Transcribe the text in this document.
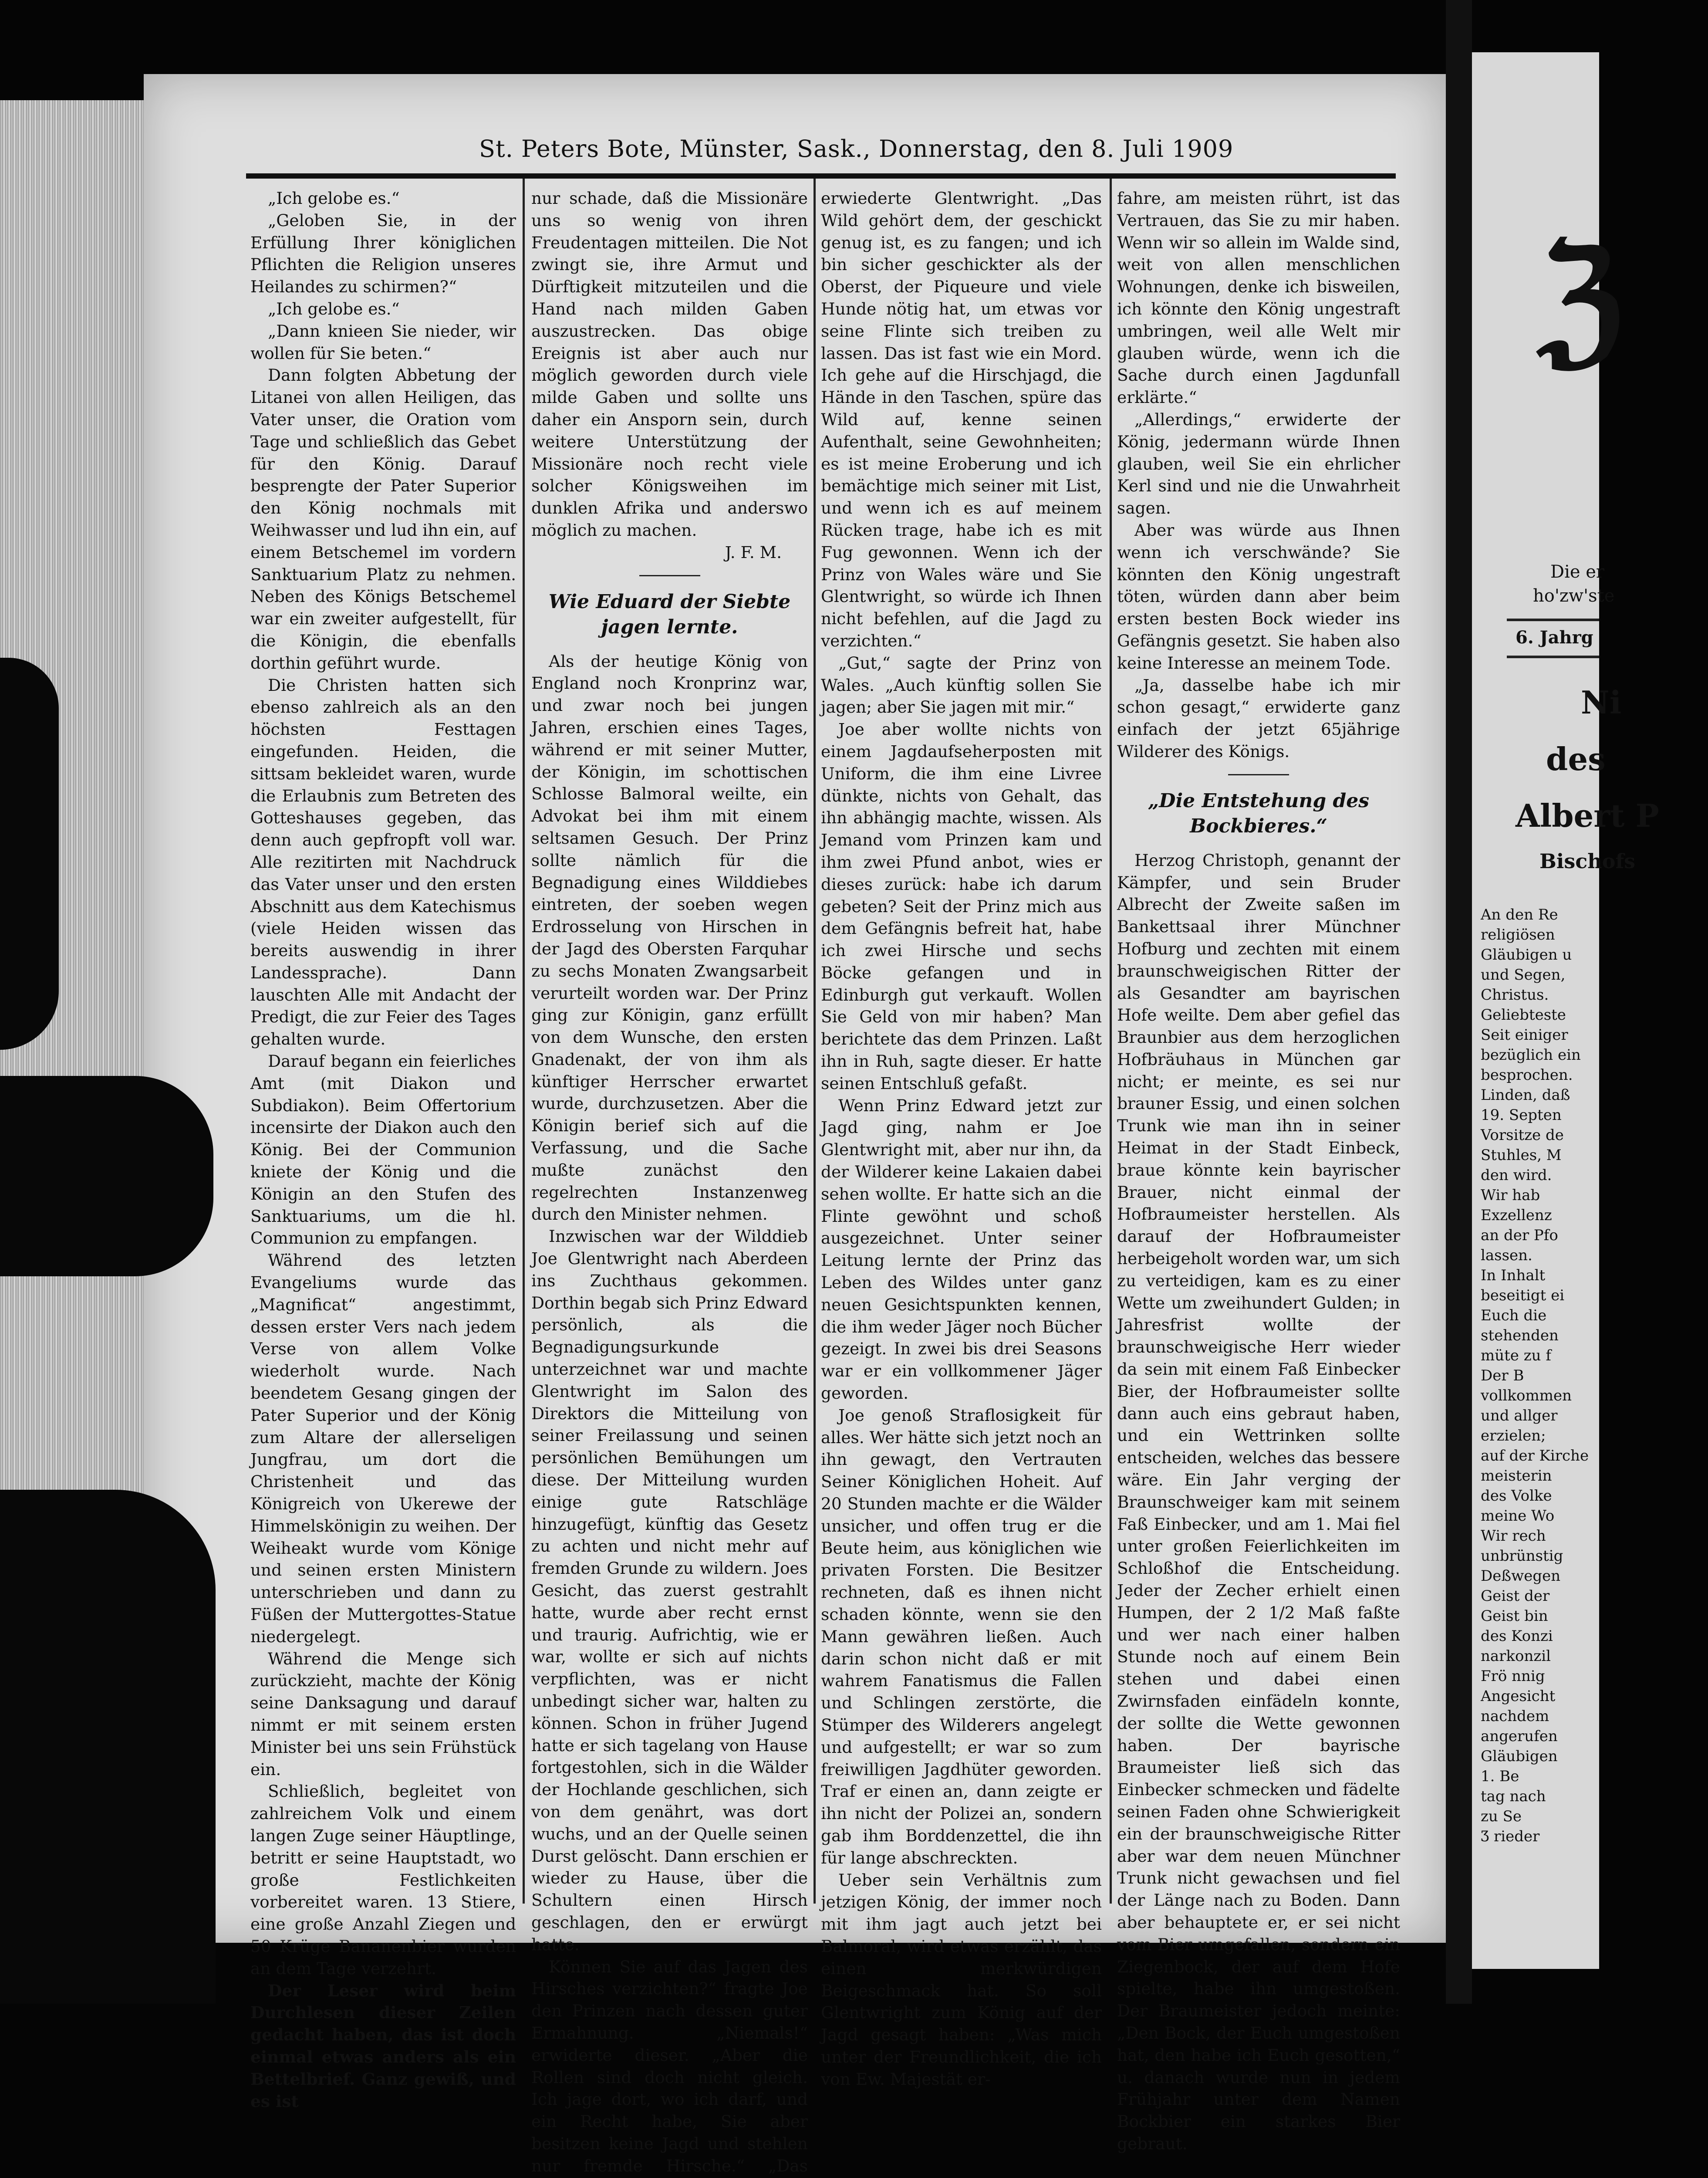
ℨ
Die er
ho'zw'ste
6. Jahrg
Ni
des
Albert P
Bischofs
An den Re
religiösen
Gläubigen u
und Segen,
Christus.
Geliebteste
Seit einiger
bezüglich ein
besprochen.
Linden, daß
19. Septen
Vorsitze de
Stuhles, M
den wird.
Wir hab
Exzellenz
an der Pfo
lassen.
In Inhalt
beseitigt ei
Euch die
stehenden
müte zu f
Der B
vollkommen
und allger
erzielen;
auf der Kirche
meisterin
des Volke
meine Wo
Wir rech
unbrünstig
Deßwegen
Geist der
Geist bin
des Konzi
narkonzil
Frö nnig
Angesicht
nachdem
angerufen
Gläubigen
1. Be
tag nach
zu Se
Ʒ rieder
St. Peters Bote, Münster, Sask., Donnerstag, den 8. Juli 1909

„Ich gelobe es.“

„Geloben Sie, in der Erfüllung Ihrer königlichen Pflichten die Religion unseres Heilandes zu schirmen?“

„Ich gelobe es.“

„Dann knieen Sie nieder, wir wollen für Sie beten.“

Dann folgten Abbetung der Litanei von allen Heiligen, das Vater unser, die Oration vom Tage und schließlich das Gebet für den König. Darauf besprengte der Pater Superior den König nochmals mit Weihwasser und lud ihn ein, auf einem Betschemel im vordern Sanktuarium Platz zu nehmen. Neben des Königs Betschemel war ein zweiter aufgestellt, für die Königin, die ebenfalls dorthin geführt wurde.

Die Christen hatten sich ebenso zahlreich als an den höchsten Festtagen eingefunden. Heiden, die sittsam bekleidet waren, wurde die Erlaubnis zum Betreten des Gotteshauses gegeben, das denn auch gepfropft voll war. Alle rezitirten mit Nachdruck das Vater unser und den ersten Abschnitt aus dem Katechismus (viele Heiden wissen das bereits auswendig in ihrer Landessprache). Dann lauschten Alle mit Andacht der Predigt, die zur Feier des Tages gehalten wurde.

Darauf begann ein feierliches Amt (mit Diakon und Subdiakon). Beim Offertorium incensirte der Diakon auch den König. Bei der Communion kniete der König und die Königin an den Stufen des Sanktuariums, um die hl. Communion zu empfangen.

Während des letzten Evangeliums wurde das „Magnificat“ angestimmt, dessen erster Vers nach jedem Verse von allem Volke wiederholt wurde. Nach beendetem Gesang gingen der Pater Superior und der König zum Altare der allerseligen Jungfrau, um dort die Christenheit und das Königreich von Ukerewe der Himmelskönigin zu weihen. Der Weiheakt wurde vom Könige und seinen ersten Ministern unterschrieben und dann zu Füßen der Muttergottes-Statue niedergelegt.

Während die Menge sich zurückzieht, machte der König seine Danksagung und darauf nimmt er mit seinem ersten Minister bei uns sein Frühstück ein.

Schließlich, begleitet von zahlreichem Volk und einem langen Zuge seiner Häuptlinge, betritt er seine Hauptstadt, wo große Festlichkeiten vorbereitet waren. 13 Stiere, eine große Anzahl Ziegen und 50 Krüge Bananenbier wurden an dem Tage verzehrt.

Der Leser wird beim Durchlesen dieser Zeilen gedacht haben, das ist doch einmal etwas anders als ein Bettelbrief. Ganz gewiß, und es ist

nur schade, daß die Missionäre uns so wenig von ihren Freudentagen mitteilen. Die Not zwingt sie, ihre Armut und Dürftigkeit mitzuteilen und die Hand nach milden Gaben auszustrecken. Das obige Ereignis ist aber auch nur möglich geworden durch viele milde Gaben und sollte uns daher ein Ansporn sein, durch weitere Unterstützung der Missionäre noch recht viele solcher Königsweihen im dunklen Afrika und anderswo möglich zu machen.

J. F. M.

Wie Eduard der Siebte jagen lernte.

Als der heutige König von England noch Kronprinz war, und zwar noch bei jungen Jahren, erschien eines Tages, während er mit seiner Mutter, der Königin, im schottischen Schlosse Balmoral weilte, ein Advokat bei ihm mit einem seltsamen Gesuch. Der Prinz sollte nämlich für die Begnadigung eines Wilddiebes eintreten, der soeben wegen Erdrosselung von Hirschen in der Jagd des Obersten Farquhar zu sechs Monaten Zwangsarbeit verurteilt worden war. Der Prinz ging zur Königin, ganz erfüllt von dem Wunsche, den ersten Gnadenakt, der von ihm als künftiger Herrscher erwartet wurde, durchzusetzen. Aber die Königin berief sich auf die Verfassung, und die Sache mußte zunächst den regelrechten Instanzenweg durch den Minister nehmen.

Inzwischen war der Wilddieb Joe Glentwright nach Aberdeen ins Zuchthaus gekommen. Dorthin begab sich Prinz Edward persönlich, als die Begnadigungsurkunde unterzeichnet war und machte Glentwright im Salon des Direktors die Mitteilung von seiner Freilassung und seinen persönlichen Bemühungen um diese. Der Mitteilung wurden einige gute Ratschläge hinzugefügt, künftig das Gesetz zu achten und nicht mehr auf fremden Grunde zu wildern. Joes Gesicht, das zuerst gestrahlt hatte, wurde aber recht ernst und traurig. Aufrichtig, wie er war, wollte er sich auf nichts verpflichten, was er nicht unbedingt sicher war, halten zu können. Schon in früher Jugend hatte er sich tagelang von Hause fortgestohlen, sich in die Wälder der Hochlande geschlichen, sich von dem genährt, was dort wuchs, und an der Quelle seinen Durst gelöscht. Dann erschien er wieder zu Hause, über die Schultern einen Hirsch geschlagen, den er erwürgt hatte.

Können Sie auf das Jagen des Hirsches verzichten?“ fragte Joe den Prinzen nach dessen guter Ermahnung. „Niemals!“ erwiderte dieser. „Aber die Rollen sind doch nicht gleich. Ich jage dort, wo ich darf, und ein Recht habe, Sie aber besitzen keine Jagd und stehlen nur fremde Hirsche.“ „Das

erwiederte Glentwright. „Das Wild gehört dem, der geschickt genug ist, es zu fangen; und ich bin sicher geschickter als der Oberst, der Piqueure und viele Hunde nötig hat, um etwas vor seine Flinte sich treiben zu lassen. Das ist fast wie ein Mord. Ich gehe auf die Hirschjagd, die Hände in den Taschen, spüre das Wild auf, kenne seinen Aufenthalt, seine Gewohnheiten; es ist meine Eroberung und ich bemächtige mich seiner mit List, und wenn ich es auf meinem Rücken trage, habe ich es mit Fug gewonnen. Wenn ich der Prinz von Wales wäre und Sie Glentwright, so würde ich Ihnen nicht befehlen, auf die Jagd zu verzichten.“

„Gut,“ sagte der Prinz von Wales. „Auch künftig sollen Sie jagen; aber Sie jagen mit mir.“

Joe aber wollte nichts von einem Jagdaufseherposten mit Uniform, die ihm eine Livree dünkte, nichts von Gehalt, das ihn abhängig machte, wissen. Als Jemand vom Prinzen kam und ihm zwei Pfund anbot, wies er dieses zurück: habe ich darum gebeten? Seit der Prinz mich aus dem Gefängnis befreit hat, habe ich zwei Hirsche und sechs Böcke gefangen und in Edinburgh gut verkauft. Wollen Sie Geld von mir haben? Man berichtete das dem Prinzen. Laßt ihn in Ruh, sagte dieser. Er hatte seinen Entschluß gefaßt.

Wenn Prinz Edward jetzt zur Jagd ging, nahm er Joe Glentwright mit, aber nur ihn, da der Wilderer keine Lakaien dabei sehen wollte. Er hatte sich an die Flinte gewöhnt und schoß ausgezeichnet. Unter seiner Leitung lernte der Prinz das Leben des Wildes unter ganz neuen Gesichtspunkten kennen, die ihm weder Jäger noch Bücher gezeigt. In zwei bis drei Seasons war er ein vollkommener Jäger geworden.

Joe genoß Straflosigkeit für alles. Wer hätte sich jetzt noch an ihn gewagt, den Vertrauten Seiner Königlichen Hoheit. Auf 20 Stunden machte er die Wälder unsicher, und offen trug er die Beute heim, aus königlichen wie privaten Forsten. Die Besitzer rechneten, daß es ihnen nicht schaden könnte, wenn sie den Mann gewähren ließen. Auch darin schon nicht daß er mit wahrem Fanatismus die Fallen und Schlingen zerstörte, die Stümper des Wilderers angelegt und aufgestellt; er war so zum freiwilligen Jagdhüter geworden. Traf er einen an, dann zeigte er ihn nicht der Polizei an, sondern gab ihm Borddenzettel, die ihn für lange abschreckten.

Ueber sein Verhältnis zum jetzigen König, der immer noch mit ihm jagt auch jetzt bei Balmoral, wird etwas erzählt, das einen merkwürdigen Beigeschmack hat. So soll Glentwright zum König auf der Jagd gesagt haben: „Was mich unter der Freundlichkeit, die ich von Ew. Majestät er-

fahre, am meisten rührt, ist das Vertrauen, das Sie zu mir haben. Wenn wir so allein im Walde sind, weit von allen menschlichen Wohnungen, denke ich bisweilen, ich könnte den König ungestraft umbringen, weil alle Welt mir glauben würde, wenn ich die Sache durch einen Jagdunfall erklärte.“

„Allerdings,“ erwiderte der König, jedermann würde Ihnen glauben, weil Sie ein ehrlicher Kerl sind und nie die Unwahrheit sagen.

Aber was würde aus Ihnen wenn ich verschwände? Sie könnten den König ungestraft töten, würden dann aber beim ersten besten Bock wieder ins Gefängnis gesetzt. Sie haben also keine Interesse an meinem Tode.

„Ja, dasselbe habe ich mir schon gesagt,“ erwiderte ganz einfach der jetzt 65jährige Wilderer des Königs.

„Die Entstehung des Bockbieres.“

Herzog Christoph, genannt der Kämpfer, und sein Bruder Albrecht der Zweite saßen im Bankettsaal ihrer Münchner Hofburg und zechten mit einem braunschweigischen Ritter der als Gesandter am bayrischen Hofe weilte. Dem aber gefiel das Braunbier aus dem herzoglichen Hofbräuhaus in München gar nicht; er meinte, es sei nur brauner Essig, und einen solchen Trunk wie man ihn in seiner Heimat in der Stadt Einbeck, braue könnte kein bayrischer Brauer, nicht einmal der Hofbraumeister herstellen. Als darauf der Hofbraumeister herbeigeholt worden war, um sich zu verteidigen, kam es zu einer Wette um zweihundert Gulden; in Jahresfrist wollte der braunschweigische Herr wieder da sein mit einem Faß Einbecker Bier, der Hofbraumeister sollte dann auch eins gebraut haben, und ein Wettrinken sollte entscheiden, welches das bessere wäre. Ein Jahr verging der Braunschweiger kam mit seinem Faß Einbecker, und am 1. Mai fiel unter großen Feierlichkeiten im Schloßhof die Entscheidung. Jeder der Zecher erhielt einen Humpen, der 2 1/2 Maß faßte und wer nach einer halben Stunde noch auf einem Bein stehen und dabei einen Zwirnsfaden einfädeln konnte, der sollte die Wette gewonnen haben. Der bayrische Braumeister ließ sich das Einbecker schmecken und fädelte seinen Faden ohne Schwierigkeit ein der braunschweigische Ritter aber war dem neuen Münchner Trunk nicht gewachsen und fiel der Länge nach zu Boden. Dann aber behauptete er, er sei nicht vom Bier umgefallen, sondern ein Ziegenbock, der auf dem Hofe spielte, habe ihn umgestoßen. Der Braumeister jedoch meinte: „Den Bock, der Euch umgestoßen hat, den habe ich Euch gesotten,“ u. danach wurde nun in jedem Frühjahr unter dem Namen Bockbier ein starkes Bier gebraut.
